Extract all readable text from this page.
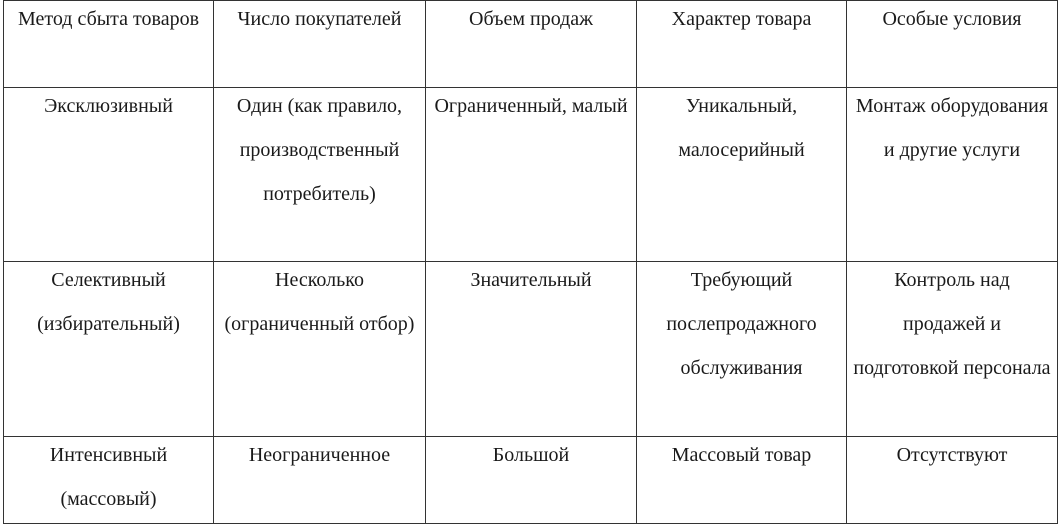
Метод сбыта товаров	Число покупателей	Объем продаж	Характер товара	Особые условия

Эксклюзивный	Один (как правило, производственный потребитель)	Ограниченный, малый	Уникальный, малосерийный	Монтаж оборудования и другие услуги

Селективный (избирательный)	Несколько (ограниченный отбор)	Значительный	Требующий послепродажного обслуживания	Контроль над продажей и подготовкой персонала

Интенсивный (массовый)	Неограниченное	Большой	Массовый товар	Отсутствуют
